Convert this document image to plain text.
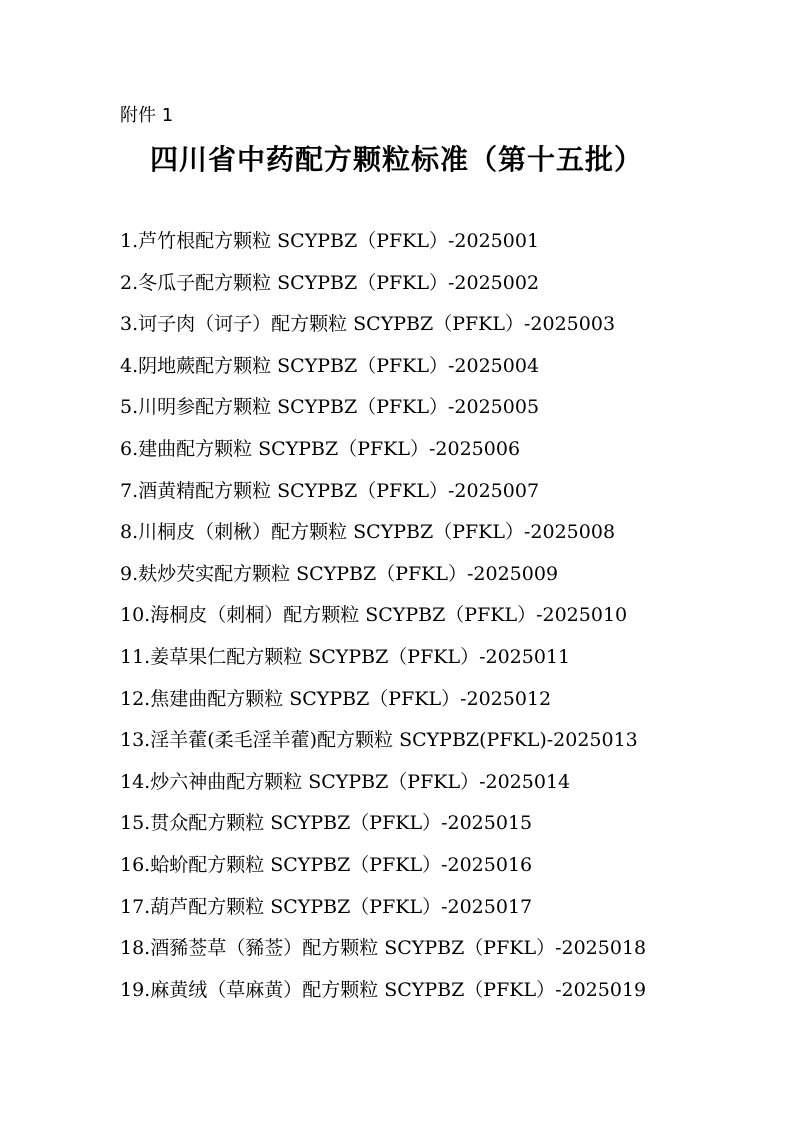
附件 1
四川省中药配方颗粒标准（第十五批）
1.芦竹根配方颗粒 SCYPBZ（PFKL）-2025001
2.冬瓜子配方颗粒 SCYPBZ（PFKL）-2025002
3.诃子肉（诃子）配方颗粒 SCYPBZ（PFKL）-2025003
4.阴地蕨配方颗粒 SCYPBZ（PFKL）-2025004
5.川明参配方颗粒 SCYPBZ（PFKL）-2025005
6.建曲配方颗粒 SCYPBZ（PFKL）-2025006
7.酒黄精配方颗粒 SCYPBZ（PFKL）-2025007
8.川桐皮（刺楸）配方颗粒 SCYPBZ（PFKL）-2025008
9.麸炒芡实配方颗粒 SCYPBZ（PFKL）-2025009
10.海桐皮（刺桐）配方颗粒 SCYPBZ（PFKL）-2025010
11.姜草果仁配方颗粒 SCYPBZ（PFKL）-2025011
12.焦建曲配方颗粒 SCYPBZ（PFKL）-2025012
13.淫羊藿(柔毛淫羊藿)配方颗粒 SCYPBZ(PFKL)-2025013
14.炒六神曲配方颗粒 SCYPBZ（PFKL）-2025014
15.贯众配方颗粒 SCYPBZ（PFKL）-2025015
16.蛤蚧配方颗粒 SCYPBZ（PFKL）-2025016
17.葫芦配方颗粒 SCYPBZ（PFKL）-2025017
18.酒豨莶草（豨莶）配方颗粒 SCYPBZ（PFKL）-2025018
19.麻黄绒（草麻黄）配方颗粒 SCYPBZ（PFKL）-2025019
